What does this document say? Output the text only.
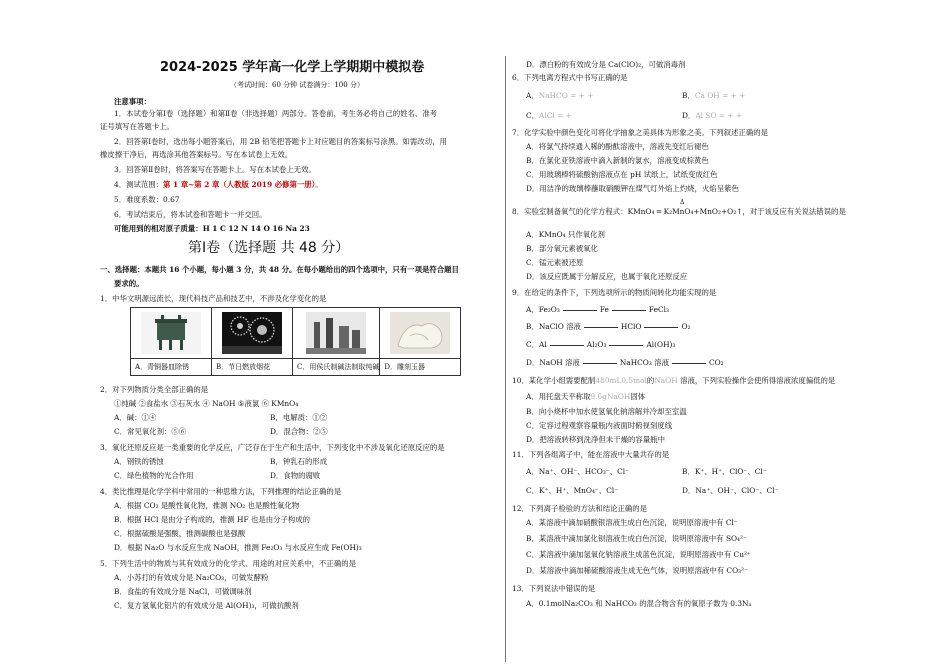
2024-2025 学年高一化学上学期期中模拟卷
（考试时间：60 分钟 试卷满分：100 分）
注意事项：
1．本试卷分第Ⅰ卷（选择题）和第Ⅱ卷（非选择题）两部分。答卷前，考生务必将自己的姓名、准考
证号填写在答题卡上。
2．回答第Ⅰ卷时，选出每小题答案后，用 2B 铅笔把答题卡上对应题目的答案标号涂黑。如需改动，用
橡皮擦干净后，再选涂其他答案标号。写在本试卷上无效。
3．回答第Ⅱ卷时，将答案写在答题卡上。写在本试卷上无效。
4．测试范围：第 1 章~第 2 章（人教版 2019 必修第一册）。
5．难度系数：0.67
6．考试结束后，将本试卷和答题卡一并交回。
可能用到的相对原子质量：H 1 C 12 N 14 O 16 Na 23
第Ⅰ卷（选择题 共 48 分）
一、选择题：本题共 16 个小题，每小题 3 分，共 48 分。在每小题给出的四个选项中，只有一项是符合题目
要求的。
1．中华文明源远流长，现代科技产品和技艺中，不涉及化学变化的是

A．青铜器皿除锈	B．节日燃放烟花	C．用侯氏制碱法制取纯碱	D．雕刻玉器
2．对下列物质分类全部正确的是
①纯碱 ②食盐水 ③石灰水 ④ NaOH ⑤液氯 ⑥ KMnO₄
A．碱：①④	B．电解质：①②
C．常见氧化剂：⑤⑥	D．混合物：②⑤
3．氧化还原反应是一类重要的化学反应，广泛存在于生产和生活中，下列变化中不涉及氧化还原反应的是
A．钢铁的锈蚀	B．钟乳石的形成
C．绿色植物的光合作用	D．食物的腐败
4．类比推理是化学学科中常用的一种思维方法，下列推理的结论正确的是
A．根据 CO₂ 是酸性氧化物，推测 NO₂ 也是酸性氧化物
B．根据 HCl 是由分子构成的，推测 HF 也是由分子构成的
C．根据硫酸是强酸，推测碳酸也是强酸
D．根据 Na₂O 与水反应生成 NaOH，推测 Fe₂O₃ 与水反应生成 Fe(OH)₃
5．下列生活中的物质与其有效成分的化学式、用途的对应关系中，不正确的是
A．小苏打的有效成分是 Na₂CO₃，可做发酵粉
B．食盐的有效成分是 NaCl，可做调味剂
C．复方氢氧化铝片的有效成分是 Al(OH)₃，可做抗酸剂
D．漂白粉的有效成分是 Ca(ClO)₂，可做消毒剂
6．下列电离方程式中书写正确的是
A．NaHCO = + +	B．Ca OH = + +
C．AlCl = +	D．Al SO = + +
7．化学实验中颜色变化可将化学抽象之美具体为形象之美。下列叙述正确的是
A．将氯气持续通入稀的酚酞溶液中，溶液先变红后褪色
B．在氯化亚铁溶液中滴入新制的氯水，溶液变成棕黄色
C．用玻璃棒将硫酸钠溶液点在 pH 试纸上，试纸变成红色
D．用洁净的玻璃棒蘸取硝酸钾在煤气灯外焰上灼烧，火焰呈紫色
Δ
8．实验室制备氧气的化学方程式：KMnO₄ ═ K₂MnO₄+MnO₂+O₂↑，对于该反应有关说法错误的是
A．KMnO₄ 只作氧化剂
B．部分氧元素被氧化
C．锰元素被还原
D．该反应既属于分解反应，也属于氧化还原反应
9．在给定的条件下，下列选项所示的物质间转化均能实现的是
A．Fe₂O₃	Fe	FeCl₃
B．NaClO 溶液	HClO	O₂
C．Al	Al₂O₃	Al(OH)₃
D．NaOH 溶液	NaHCO₃ 溶液	CO₂
10．某化学小组需要配制480mL0.5mol的NaOH 溶液，下列实验操作会使所得溶液浓度偏低的是
A．用托盘天平称取9.6gNaOH固体
B．向小烧杯中加水使氢氧化钠溶解并冷却至室温
C．定容过程观察容量瓶内液面时俯视刻度线
D．把溶液转移到洗净但未干燥的容量瓶中
11．下列各组离子中，能在溶液中大量共存的是
A．Na⁺、OH⁻、HCO₃⁻、Cl⁻	B．K⁺、H⁺、ClO⁻、Cl⁻
C．K⁺、H⁺、MnO₄⁻、Cl⁻	D．Na⁺、OH⁻、ClO⁻、Cl⁻
12．下列离子检验的方法和结论正确的是
A．某溶液中滴加硝酸银溶液生成白色沉淀，说明原溶液中有 Cl⁻
B．某溶液中滴加氯化钡溶液生成白色沉淀，说明原溶液中有 SO₄²⁻
C．某溶液中滴加氢氧化钠溶液生成蓝色沉淀，说明原溶液中有 Cu²⁺
D．某溶液中滴加稀硫酸溶液生成无色气体，说明原溶液中有 CO₃²⁻
13．下列说法中错误的是
A．0.1molNa₂CO₃ 和 NaHCO₃ 的混合物含有的氧原子数为 0.3Nₐ
